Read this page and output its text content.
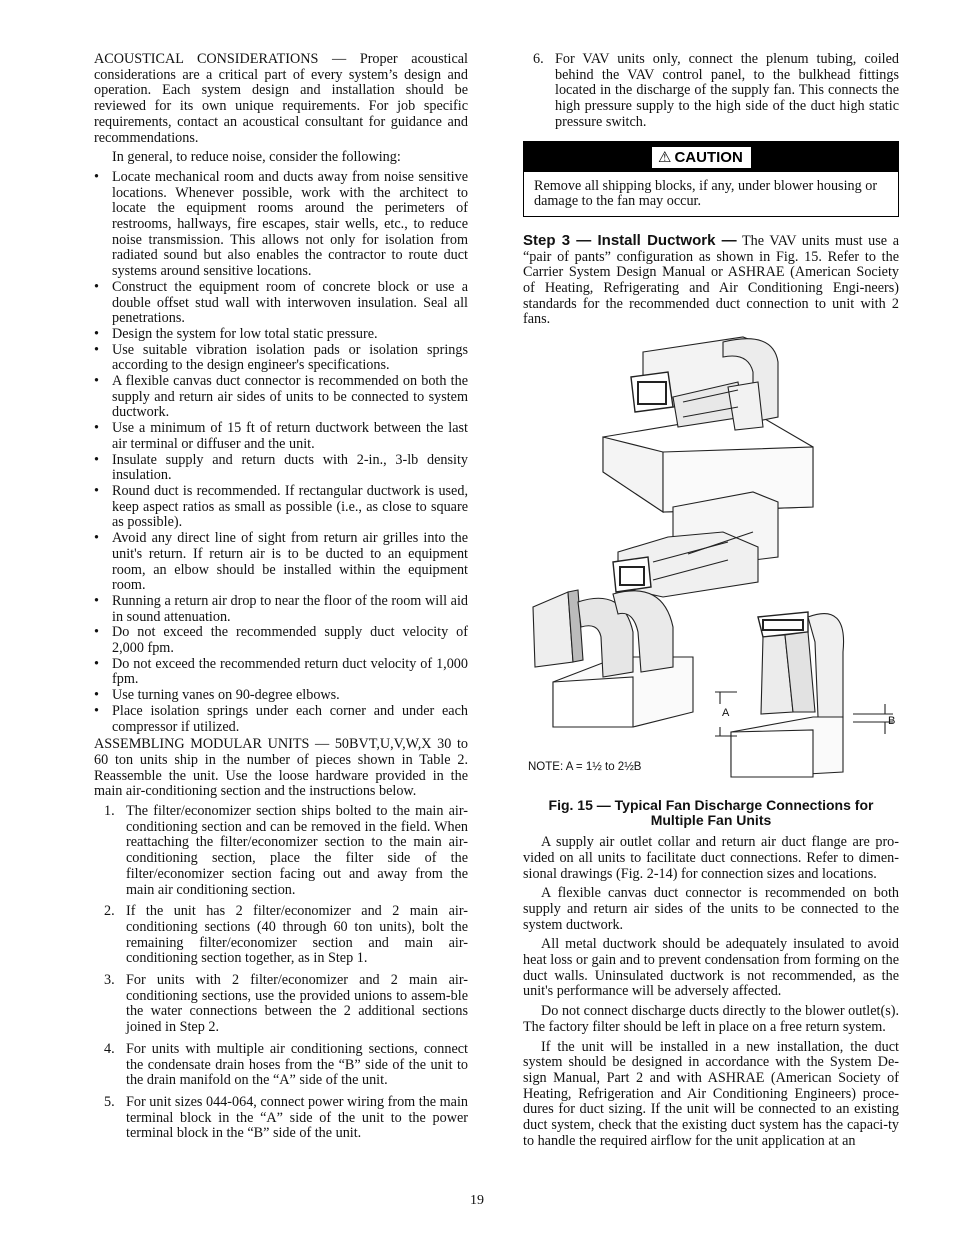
ACOUSTICAL CONSIDERATIONS — Proper acoustical considerations are a critical part of every system’s design and operation. Each system design and installation should be reviewed for its own unique requirements. For job specific requirements, contact an acoustical consultant for guidance and recommendations.

In general, to reduce noise, consider the following:

• Locate mechanical room and ducts away from noise sensitive locations. Whenever possible, work with the architect to locate the equipment rooms around the perimeters of restrooms, hallways, fire escapes, stair wells, etc., to reduce noise transmission. This allows not only for isolation from radiated sound but also enables the contractor to route duct systems around sensitive locations.
• Construct the equipment room of concrete block or use a double offset stud wall with interwoven insulation. Seal all penetrations.
• Design the system for low total static pressure.
• Use suitable vibration isolation pads or isolation springs according to the design engineer's specifications.
• A flexible canvas duct connector is recommended on both the supply and return air sides of units to be connected to system ductwork.
• Use a minimum of 15 ft of return ductwork between the last air terminal or diffuser and the unit.
• Insulate supply and return ducts with 2-in., 3-lb density insulation.
• Round duct is recommended. If rectangular ductwork is used, keep aspect ratios as small as possible (i.e., as close to square as possible).
• Avoid any direct line of sight from return air grilles into the unit's return. If return air is to be ducted to an equipment room, an elbow should be installed within the equipment room.
• Running a return air drop to near the floor of the room will aid in sound attenuation.
• Do not exceed the recommended supply duct velocity of 2,000 fpm.
• Do not exceed the recommended return duct velocity of 1,000 fpm.
• Use turning vanes on 90-degree elbows.
• Place isolation springs under each corner and under each compressor if utilized.

ASSEMBLING MODULAR UNITS — 50BVT,U,V,W,X 30 to 60 ton units ship in the number of pieces shown in Table 2. Reassemble the unit. Use the loose hardware provided in the main air-conditioning section and the instructions below.

1. The filter/economizer section ships bolted to the main air-conditioning section and can be removed in the field. When reattaching the filter/economizer section to the main air-conditioning section, place the filter side of the filter/economizer section facing out and away from the main air conditioning section.
2. If the unit has 2 filter/economizer and 2 main air-conditioning sections (40 through 60 ton units), bolt the remaining filter/economizer section and main air-conditioning section together, as in Step 1.
3. For units with 2 filter/economizer and 2 main air-conditioning sections, use the provided unions to assem-ble the water connections between the 2 additional sections joined in Step 2.
4. For units with multiple air conditioning sections, connect the condensate drain hoses from the “B” side of the unit to the drain manifold on the “A” side of the unit.
5. For unit sizes 044-064, connect power wiring from the main terminal block in the “A” side of the unit to the power terminal block in the “B” side of the unit.
6. For VAV units only, connect the plenum tubing, coiled behind the VAV control panel, to the bulkhead fittings located in the discharge of the supply fan. This connects the high pressure supply to the high side of the duct high static pressure switch.
⚠ CAUTION
Remove all shipping blocks, if any, under blower housing or damage to the fan may occur.

Step 3 — Install Ductwork — The VAV units must use a “pair of pants” configuration as shown in Fig. 15. Refer to the Carrier System Design Manual or ASHRAE (American Society of Heating, Refrigerating and Air Conditioning Engi-neers) standards for the recommended duct connection to unit with 2 fans.

A
B
NOTE: A = 1½ to 2½B
Fig. 15 — Typical Fan Discharge Connections for Multiple Fan Units

A supply air outlet collar and return air duct flange are pro-vided on all units to facilitate duct connections. Refer to dimen-sional drawings (Fig. 2-14) for connection sizes and locations.

A flexible canvas duct connector is recommended on both supply and return air sides of the units to be connected to the system ductwork.

All metal ductwork should be adequately insulated to avoid heat loss or gain and to prevent condensation from forming on the duct walls. Uninsulated ductwork is not recommended, as the unit's performance will be adversely affected.

Do not connect discharge ducts directly to the blower outlet(s). The factory filter should be left in place on a free return system.

If the unit will be installed in a new installation, the duct system should be designed in accordance with the System De-sign Manual, Part 2 and with ASHRAE (American Society of Heating, Refrigeration and Air Conditioning Engineers) proce-dures for duct sizing. If the unit will be connected to an existing duct system, check that the existing duct system has the capaci-ty to handle the required airflow for the unit application at an

19
